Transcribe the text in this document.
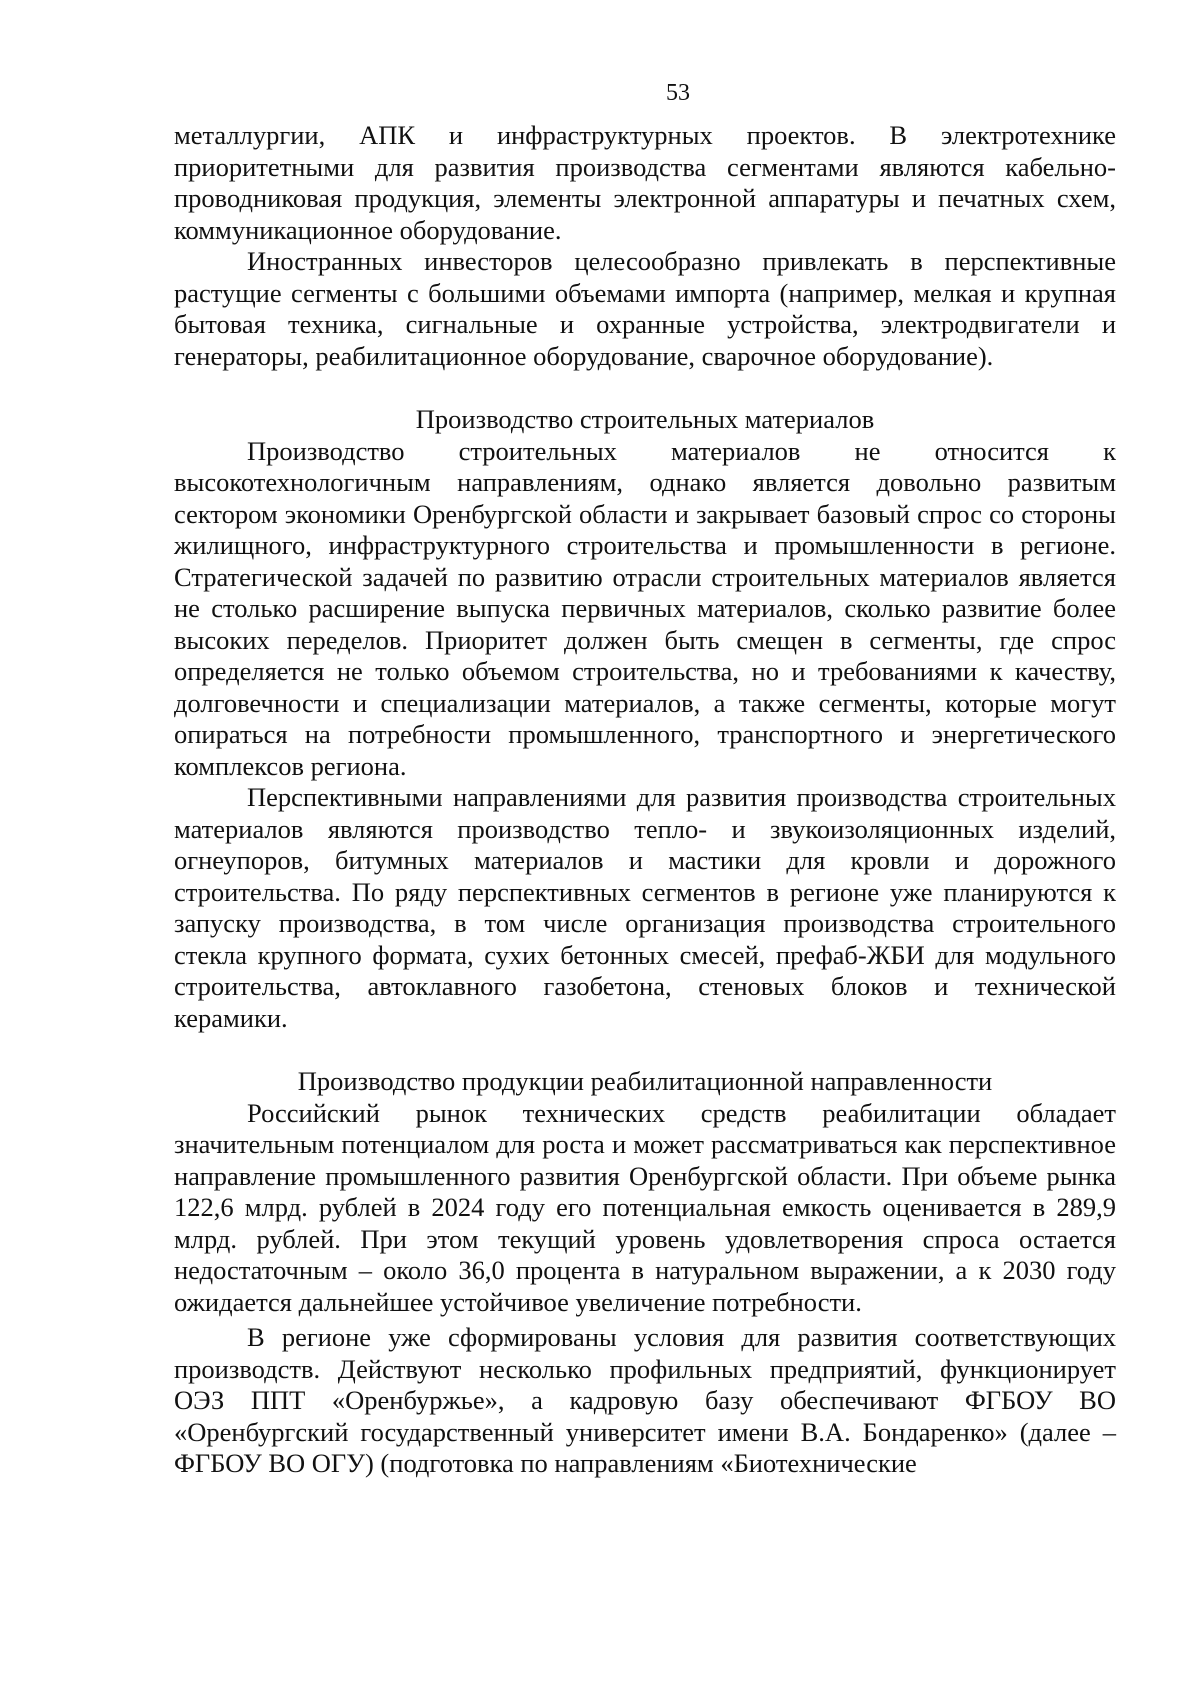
53

металлургии, АПК и инфраструктурных проектов. В электротехнике приоритетными для развития производства сегментами являются кабельно-проводниковая продукция, элементы электронной аппаратуры и печатных схем, коммуникационное оборудование.

Иностранных инвесторов целесообразно привлекать в перспективные растущие сегменты с большими объемами импорта (например, мелкая и крупная бытовая техника, сигнальные и охранные устройства, электродвигатели и генераторы, реабилитационное оборудование, сварочное оборудование).

Производство строительных материалов

Производство строительных материалов не относится к высокотехнологичным направлениям, однако является довольно развитым сектором экономики Оренбургской области и закрывает базовый спрос со стороны жилищного, инфраструктурного строительства и промышленности в регионе. Стратегической задачей по развитию отрасли строительных материалов является не столько расширение выпуска первичных материалов, сколько развитие более высоких переделов. Приоритет должен быть смещен в сегменты, где спрос определяется не только объемом строительства, но и требованиями к качеству, долговечности и специализации материалов, а также сегменты, которые могут опираться на потребности промышленного, транспортного и энергетического комплексов региона.

Перспективными направлениями для развития производства строительных материалов являются производство тепло- и звукоизоляционных изделий, огнеупоров, битумных материалов и мастики для кровли и дорожного строительства. По ряду перспективных сегментов в регионе уже планируются к запуску производства, в том числе организация производства строительного стекла крупного формата, сухих бетонных смесей, префаб-ЖБИ для модульного строительства, автоклавного газобетона, стеновых блоков и технической керамики.

Производство продукции реабилитационной направленности

Российский рынок технических средств реабилитации обладает значительным потенциалом для роста и может рассматриваться как перспективное направление промышленного развития Оренбургской области. При объеме рынка 122,6 млрд. рублей в 2024 году его потенциальная емкость оценивается в 289,9 млрд. рублей. При этом текущий уровень удовлетворения спроса остается недостаточным – около 36,0 процента в натуральном выражении, а к 2030 году ожидается дальнейшее устойчивое увеличение потребности.

В регионе уже сформированы условия для развития соответствующих производств. Действуют несколько профильных предприятий, функционирует ОЭЗ ППТ «Оренбуржье», а кадровую базу обеспечивают ФГБОУ ВО «Оренбургский государственный университет имени В.А. Бондаренко» (далее – ФГБОУ ВО ОГУ) (подготовка по направлениям «Биотехнические
